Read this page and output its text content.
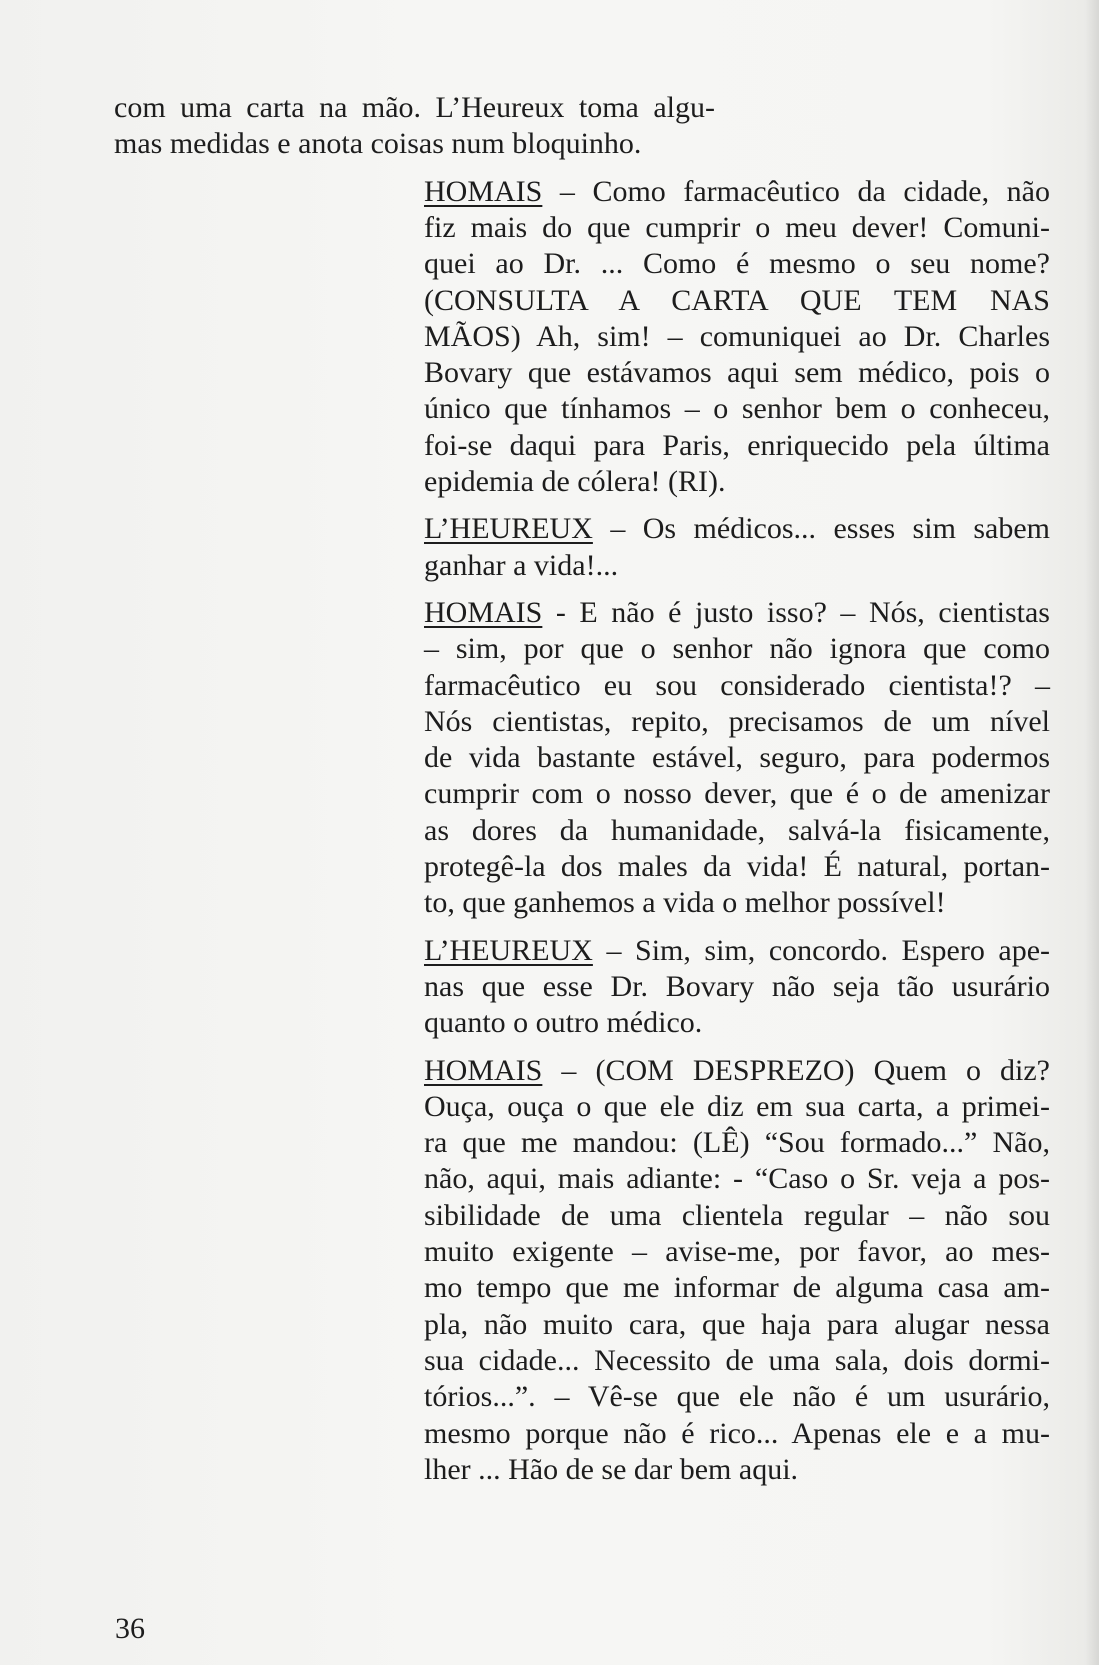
com uma carta na mão. L’Heureux toma algu-
mas medidas e anota coisas num bloquinho.
HOMAIS – Como farmacêutico da cidade, não
fiz mais do que cumprir o meu dever! Comuni-
quei ao Dr. ... Como é mesmo o seu nome?
(CONSULTA A CARTA QUE TEM NAS
MÃOS) Ah, sim! – comuniquei ao Dr. Charles
Bovary que estávamos aqui sem médico, pois o
único que tínhamos – o senhor bem o conheceu,
foi-se daqui para Paris, enriquecido pela última
epidemia de cólera! (RI).
L’HEUREUX – Os médicos... esses sim sabem
ganhar a vida!...
HOMAIS - E não é justo isso? – Nós, cientistas
– sim, por que o senhor não ignora que como
farmacêutico eu sou considerado cientista!? –
Nós cientistas, repito, precisamos de um nível
de vida bastante estável, seguro, para podermos
cumprir com o nosso dever, que é o de amenizar
as dores da humanidade, salvá-la fisicamente,
protegê-la dos males da vida! É natural, portan-
to, que ganhemos a vida o melhor possível!
L’HEUREUX – Sim, sim, concordo. Espero ape-
nas que esse Dr. Bovary não seja tão usurário
quanto o outro médico.
HOMAIS – (COM DESPREZO) Quem o diz?
Ouça, ouça o que ele diz em sua carta, a primei-
ra que me mandou: (LÊ) “Sou formado...” Não,
não, aqui, mais adiante: - “Caso o Sr. veja a pos-
sibilidade de uma clientela regular – não sou
muito exigente – avise-me, por favor, ao mes-
mo tempo que me informar de alguma casa am-
pla, não muito cara, que haja para alugar nessa
sua cidade... Necessito de uma sala, dois dormi-
tórios...”. – Vê-se que ele não é um usurário,
mesmo porque não é rico... Apenas ele e a mu-
lher ... Hão de se dar bem aqui.
36
